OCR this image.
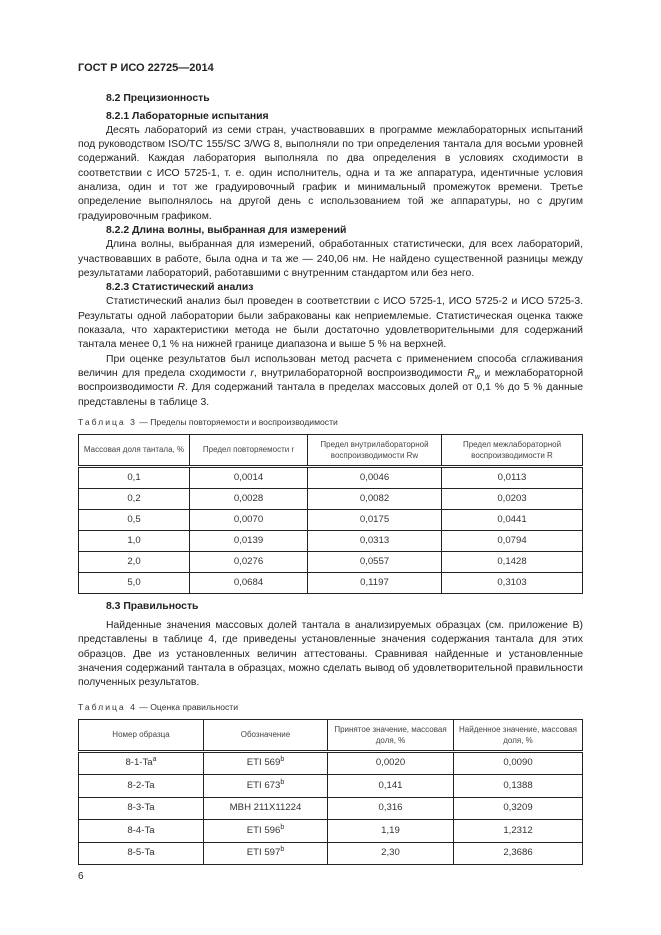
ГОСТ Р ИСО 22725—2014
8.2 Прецизионность
8.2.1 Лабораторные испытания

Десять лабораторий из семи стран, участвовавших в программе межлабораторных испытаний под руководством ISO/TC 155/SC 3/WG 8, выполняли по три определения тантала для восьми уровней содержаний. Каждая лаборатория выполняла по два определения в условиях сходимости в соответствии с ИСО 5725-1, т. е. один исполнитель, одна и та же аппаратура, идентичные условия анализа, один и тот же градуировочный график и минимальный промежуток времени. Третье определение выполнялось на другой день с использованием той же аппаратуры, но с другим градуировочным графиком.

8.2.2 Длина волны, выбранная для измерений

Длина волны, выбранная для измерений, обработанных статистически, для всех лабораторий, участвовавших в работе, была одна и та же — 240,06 нм. Не найдено существенной разницы между результатами лабораторий, работавшими с внутренним стандартом или без него.

8.2.3 Статистический анализ

Статистический анализ был проведен в соответствии с ИСО 5725-1, ИСО 5725-2 и ИСО 5725-3. Результаты одной лаборатории были забракованы как неприемлемые. Статистическая оценка также показала, что характеристики метода не были достаточно удовлетворительными для содержаний тантала менее 0,1 % на нижней границе диапазона и выше 5 % на верхней.

При оценке результатов был использован метод расчета с применением способа сглаживания величин для предела сходимости r, внутрилабораторной воспроизводимости $R_w$ и межлабораторной воспроизводимости R. Для содержаний тантала в пределах массовых долей от 0,1 % до 5 % данные представлены в таблице 3.

Таблица 3 — Пределы повторяемости и воспроизводимости
Массовая доля тантала, %	Предел повторяемости r	Предел внутрилабораторной воспроизводимости Rw	Предел межлабораторной воспроизводимости R
0,1	0,0014	0,0046	0,0113
0,2	0,0028	0,0082	0,0203
0,5	0,0070	0,0175	0,0441
1,0	0,0139	0,0313	0,0794
2,0	0,0276	0,0557	0,1428
5,0	0,0684	0,1197	0,3103
8.3 Правильность

Найденные значения массовых долей тантала в анализируемых образцах (см. приложение В) представлены в таблице 4, где приведены установленные значения содержания тантала для этих образцов. Две из установленных величин аттестованы. Сравнивая найденные и установленные значения содержаний тантала в образцах, можно сделать вывод об удовлетворительной правильности полученных результатов.

Таблица 4 — Оценка правильности
Номер образца	Обозначение	Принятое значение, массовая доля, %	Найденное значение, массовая доля, %
8-1-Ta$^a$	ETI 569$^b$	0,0020	0,0090
8-2-Ta	ETI 673$^b$	0,141	0,1388
8-3-Ta	MBH 211X11224	0,316	0,3209
8-4-Ta	ETI 596$^b$	1,19	1,2312
8-5-Ta	ETI 597$^b$	2,30	2,3686
6
